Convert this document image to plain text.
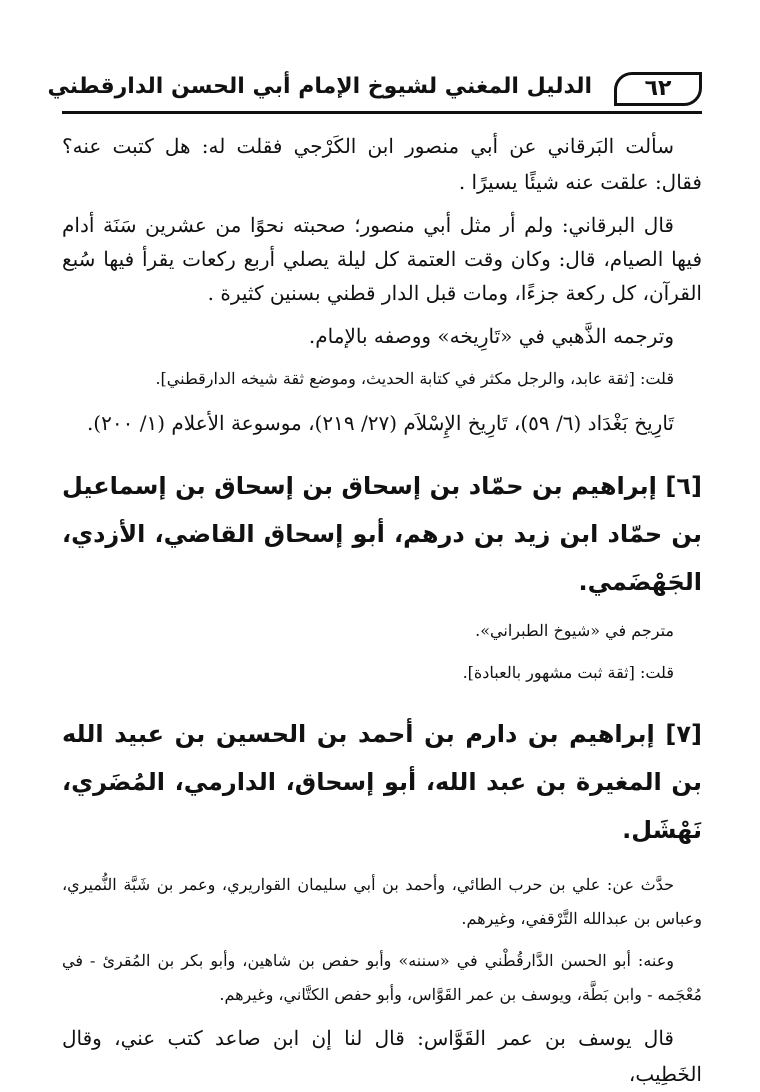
٦٢
الدليل المغني لشيوخ الإمام أبي الحسن الدارقطني

سألت البَرقاني عن أبي منصور ابن الكَرْجي فقلت له: هل كتبت عنه؟ فقال: علقت عنه شيئًا يسيرًا .

قال البرقاني: ولم أر مثل أبي منصور؛ صحبته نحوًا من عشرين سَنَة أدام فيها الصيام، قال: وكان وقت العتمة كل ليلة يصلي أربع ركعات يقرأ فيها سُبع القرآن، كل ركعة جزءًا، ومات قبل الدار قطني بسنين كثيرة .

وترجمه الذَّهبي في «تَارِيخه» ووصفه بالإمام.

قلت: [ثقة عابد، والرجل مكثر في كتابة الحديث، وموضع ثقة شيخه الدارقطني].

تَارِيخ بَغْدَاد (٦/ ٥٩)، تَارِيخ الإِسْلاَم (٢٧/ ٢١٩)، موسوعة الأعلام (١/ ٢٠٠).

[٦] إبراهيم بن حمّاد بن إسحاق بن إسحاق بن إسماعيل بن حمّاد ابن زيد بن درهم، أبو إسحاق القاضي، الأزدي، الجَهْضَمي.

مترجم في «شيوخ الطبراني».

قلت: [ثقة ثبت مشهور بالعبادة].

[٧] إبراهيم بن دارم بن أحمد بن الحسين بن عبيد الله بن المغيرة بن عبد الله، أبو إسحاق، الدارمي، المُضَري، نَهْشَل.

حدَّث عن: علي بن حرب الطائي، وأحمد بن أبي سليمان القواريري، وعمر بن شَبَّة النُّميري، وعباس بن عبدالله التَّرْقفي، وغيرهم.

وعنه: أبو الحسن الدَّارقُطْني في «سننه» وأبو حفص بن شاهين، وأبو بكر بن المُقرئ - في مُعْجَمه - وابن بَطَّة، ويوسف بن عمر القَوَّاس، وأبو حفص الكتَّاني، وغيرهم.

قال يوسف بن عمر القَوَّاس: قال لنا إن ابن صاعد كتب عني، وقال الخَطِيب،
